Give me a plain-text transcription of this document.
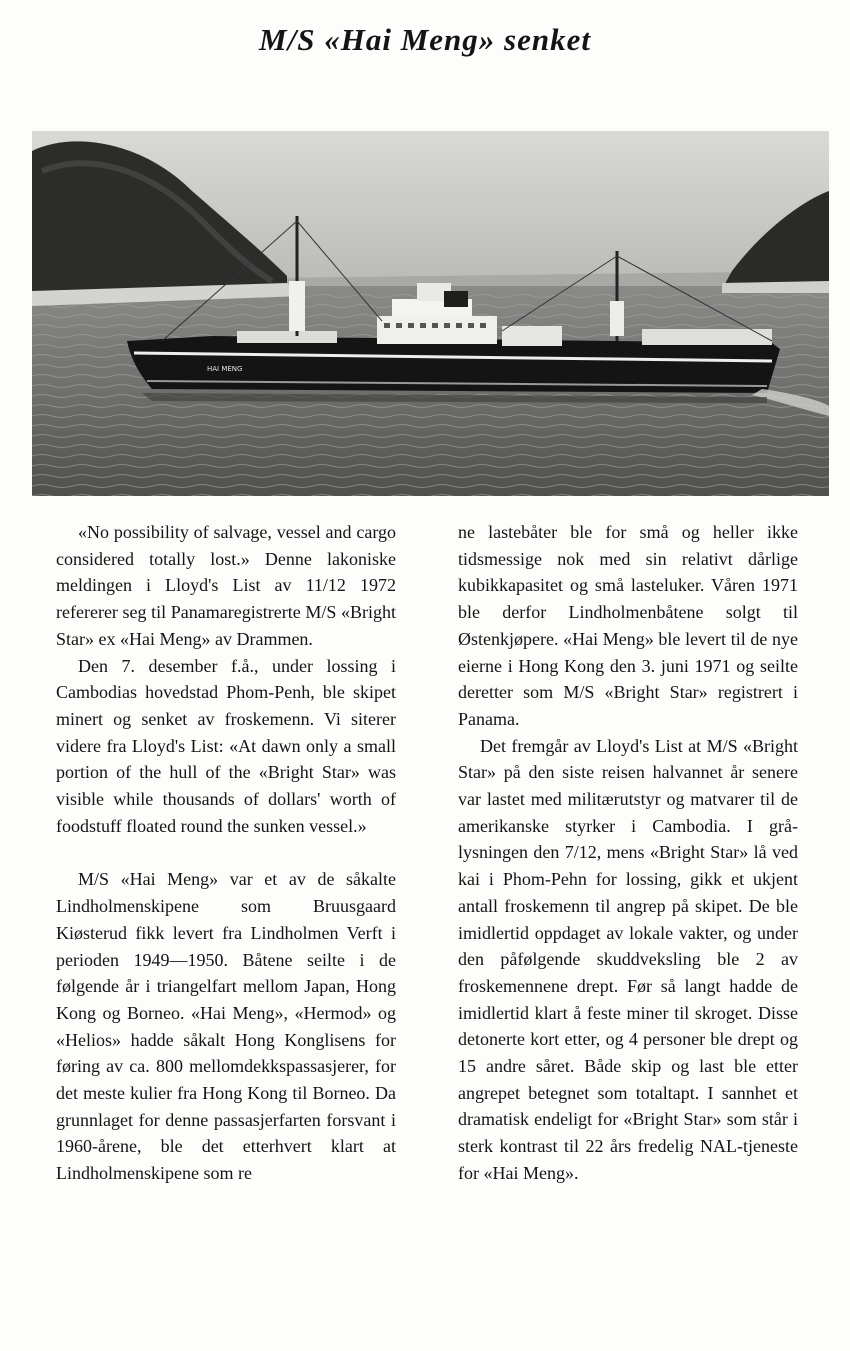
M/S «Hai Meng» senket
HAI MENG

«No possibility of salvage, vessel and cargo considered totally lost.» Denne lakoniske meldingen i Lloyd's List av 11/12 1972 refererer seg til Panamaregistrerte M/S «Bright Star» ex «Hai Meng» av Drammen.

Den 7. desember f.å., under lossing i Cambodias hovedstad Phom-Penh, ble skipet minert og senket av froskemenn. Vi siterer videre fra Lloyd's List: «At dawn only a small portion of the hull of the «Bright Star» was visible while thousands of dollars' worth of foodstuff floated round the sunken vessel.»

M/S «Hai Meng» var et av de såkalte Lindholmenskipene som Bruusgaard Kiøsterud fikk levert fra Lindholmen Verft i perioden 1949—1950. Båtene seilte i de følgende år i triangelfart mellom Japan, Hong Kong og Borneo. «Hai Meng», «Hermod» og «Helios» hadde såkalt Hong Konglisens for føring av ca. 800 mellomdekkspassasjerer, for det meste kulier fra Hong Kong til Borneo. Da grunnlaget for denne passasjerfarten forsvant i 1960-årene, ble det etterhvert klart at Lindholmenskipene som re

ne lastebåter ble for små og heller ikke tidsmessige nok med sin relativt dårlige kubikkapasitet og små lasteluker. Våren 1971 ble derfor Lindholmenbåtene solgt til Østenkjøpere. «Hai Meng» ble levert til de nye eierne i Hong Kong den 3. juni 1971 og seilte deretter som M/S «Bright Star» registrert i Panama.

Det fremgår av Lloyd's List at M/S «Bright Star» på den siste reisen halvannet år senere var lastet med militærutstyr og matvarer til de amerikanske styrker i Cambodia. I grålysningen den 7/12, mens «Bright Star» lå ved kai i Phom-Pehn for lossing, gikk et ukjent antall froskemenn til angrep på skipet. De ble imidlertid oppdaget av lokale vakter, og under den påfølgende skuddveksling ble 2 av froskemennene drept. Før så langt hadde de imidlertid klart å feste miner til skroget. Disse detonerte kort etter, og 4 personer ble drept og 15 andre såret. Både skip og last ble etter angrepet betegnet som totaltapt. I sannhet et dramatisk endeligt for «Bright Star» som står i sterk kontrast til 22 års fredelig NAL-tjeneste for «Hai Meng».
